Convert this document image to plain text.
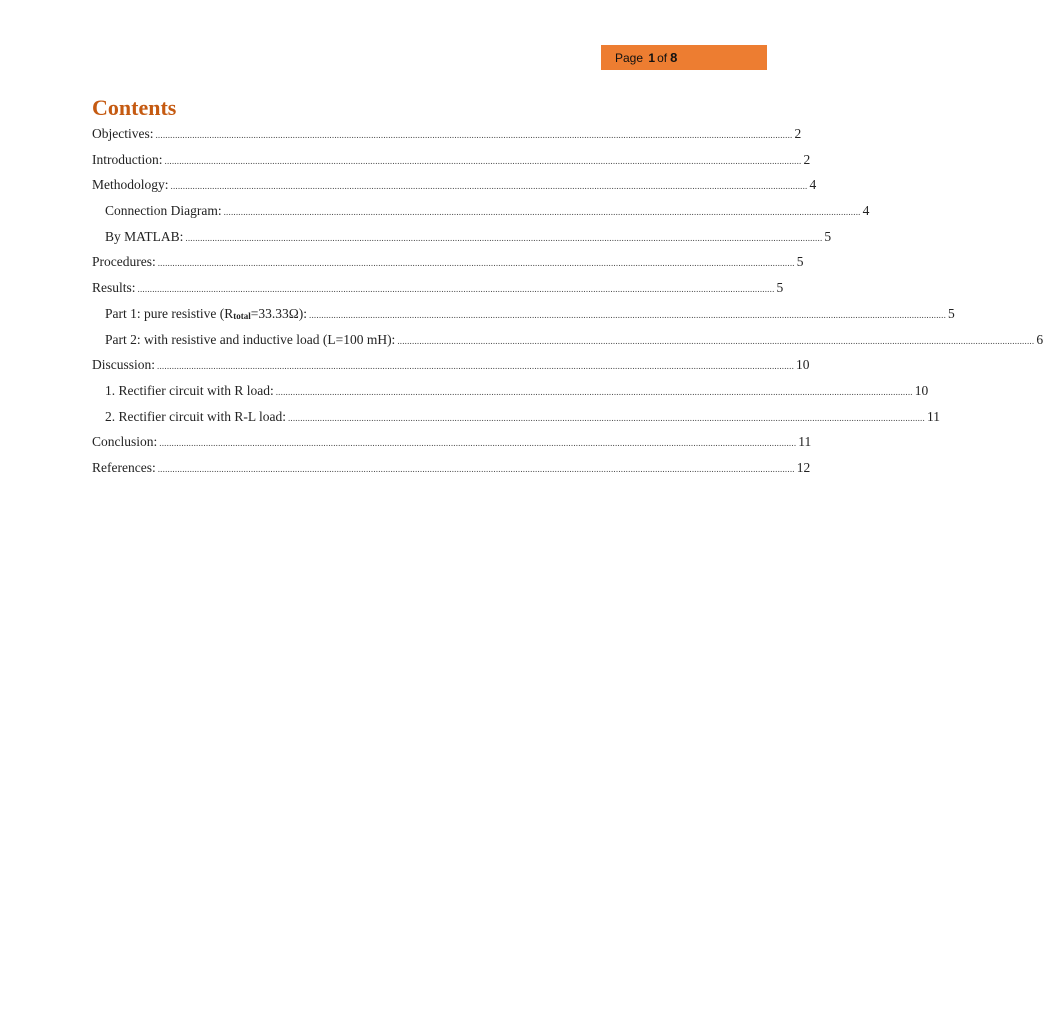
Page
1 of 8
Contents
Objectives: .................................................................................................................................................................................................................................................................... 2
Introduction: .................................................................................................................................................................................................................................................................... 2
Methodology: .................................................................................................................................................................................................................................................................... 4
Connection Diagram: .................................................................................................................................................................................................................................................................... 4
By MATLAB: .................................................................................................................................................................................................................................................................... 5
Procedures: .................................................................................................................................................................................................................................................................... 5
Results: .................................................................................................................................................................................................................................................................... 5
Part 1: pure resistive $(R_{total}=33.33\Omega)$: .................................................................................................................................................................................................................................................................... 5
Part 2: with resistive and inductive load (L=100 mH): .................................................................................................................................................................................................................................................................... 6
Discussion: .................................................................................................................................................................................................................................................................... 10
1. Rectifier circuit with R load: .................................................................................................................................................................................................................................................................... 10
2. Rectifier circuit with R-L load: .................................................................................................................................................................................................................................................................... 11
Conclusion: .................................................................................................................................................................................................................................................................... 11
References: .................................................................................................................................................................................................................................................................... 12
